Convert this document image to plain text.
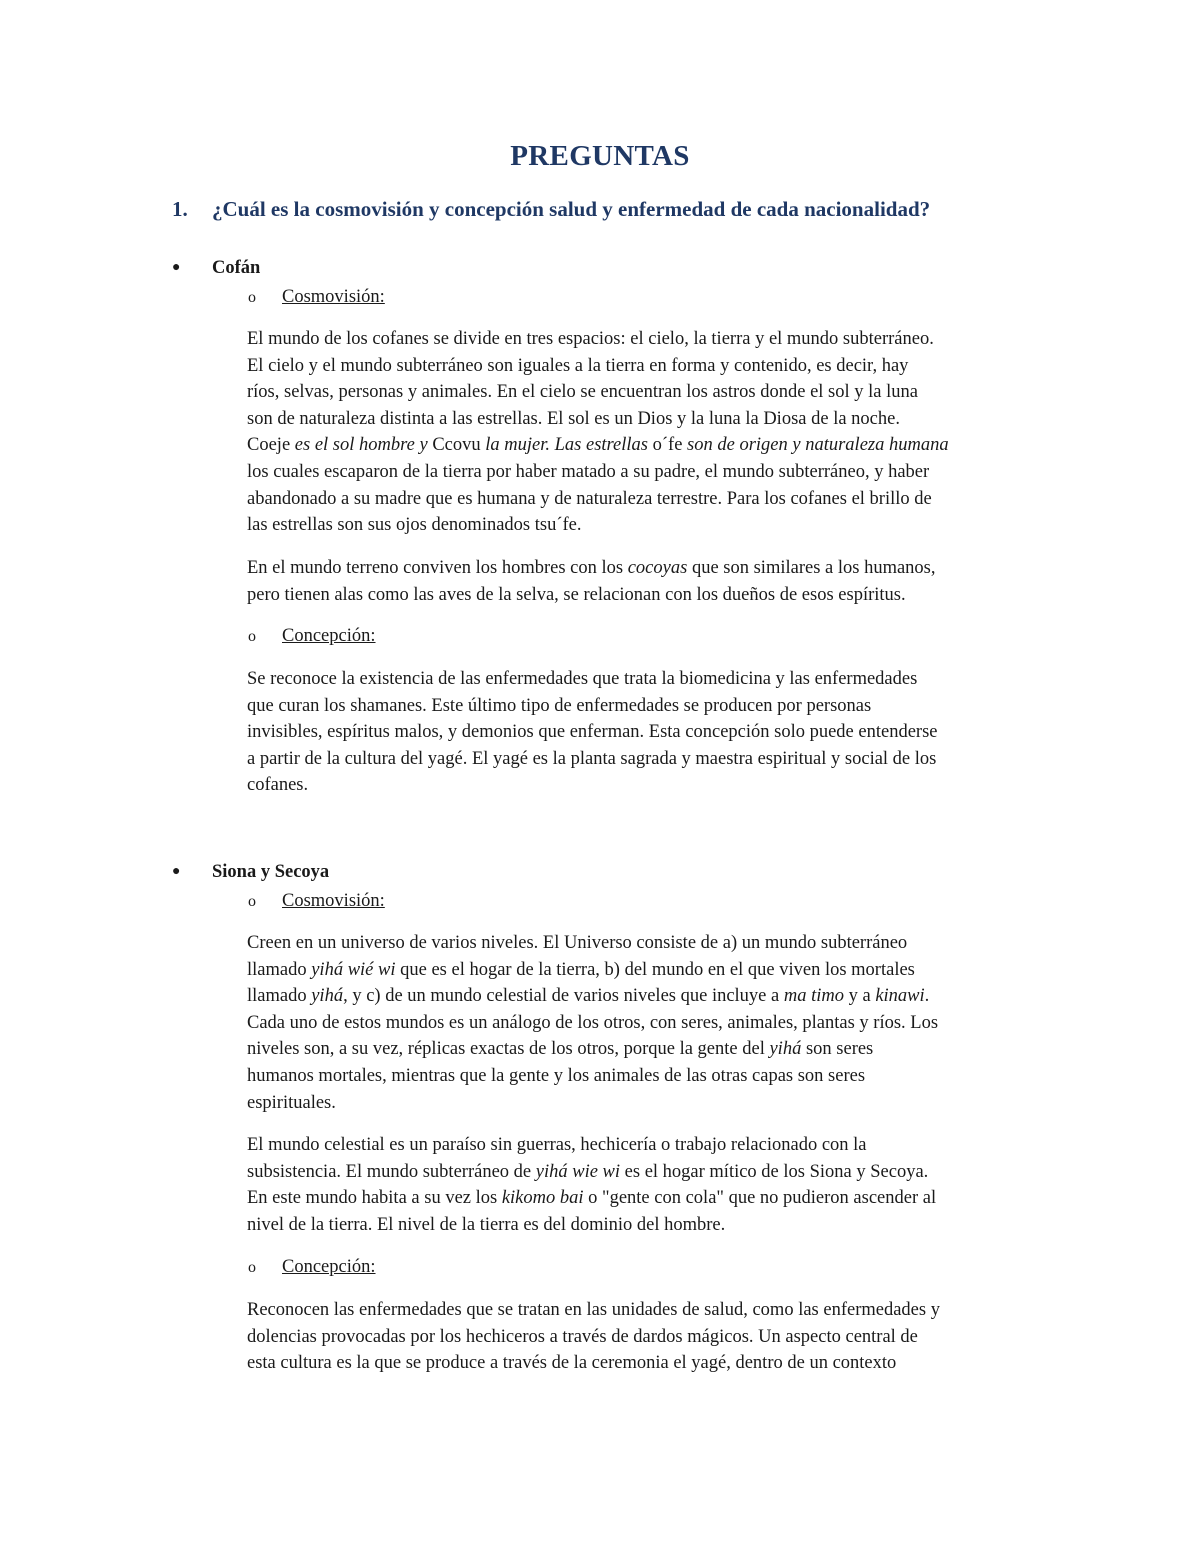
PREGUNTAS
1. ¿Cuál es la cosmovisión y concepción salud y enfermedad de cada nacionalidad?
● Cofán
o Cosmovisión:
El mundo de los cofanes se divide en tres espacios: el cielo, la tierra y el mundo subterráneo.
El cielo y el mundo subterráneo son iguales a la tierra en forma y contenido, es decir, hay
ríos, selvas, personas y animales. En el cielo se encuentran los astros donde el sol y la luna
son de naturaleza distinta a las estrellas. El sol es un Dios y la luna la Diosa de la noche.
Coeje es el sol hombre y Ccovu la mujer. Las estrellas o´fe son de origen y naturaleza humana
los cuales escaparon de la tierra por haber matado a su padre, el mundo subterráneo, y haber
abandonado a su madre que es humana y de naturaleza terrestre. Para los cofanes el brillo de
las estrellas son sus ojos denominados tsu´fe.
En el mundo terreno conviven los hombres con los cocoyas que son similares a los humanos,
pero tienen alas como las aves de la selva, se relacionan con los dueños de esos espíritus.
o Concepción:
Se reconoce la existencia de las enfermedades que trata la biomedicina y las enfermedades
que curan los shamanes. Este último tipo de enfermedades se producen por personas
invisibles, espíritus malos, y demonios que enferman. Esta concepción solo puede entenderse
a partir de la cultura del yagé. El yagé es la planta sagrada y maestra espiritual y social de los
cofanes.
● Siona y Secoya
o Cosmovisión:
Creen en un universo de varios niveles. El Universo consiste de a) un mundo subterráneo
llamado yihá wié wi que es el hogar de la tierra, b) del mundo en el que viven los mortales
llamado yihá, y c) de un mundo celestial de varios niveles que incluye a ma timo y a kinawi.
Cada uno de estos mundos es un análogo de los otros, con seres, animales, plantas y ríos. Los
niveles son, a su vez, réplicas exactas de los otros, porque la gente del yihá son seres
humanos mortales, mientras que la gente y los animales de las otras capas son seres
espirituales.
El mundo celestial es un paraíso sin guerras, hechicería o trabajo relacionado con la
subsistencia. El mundo subterráneo de yihá wie wi es el hogar mítico de los Siona y Secoya.
En este mundo habita a su vez los kikomo bai o "gente con cola" que no pudieron ascender al
nivel de la tierra. El nivel de la tierra es del dominio del hombre.
o Concepción:
Reconocen las enfermedades que se tratan en las unidades de salud, como las enfermedades y
dolencias provocadas por los hechiceros a través de dardos mágicos. Un aspecto central de
esta cultura es la que se produce a través de la ceremonia el yagé, dentro de un contexto
